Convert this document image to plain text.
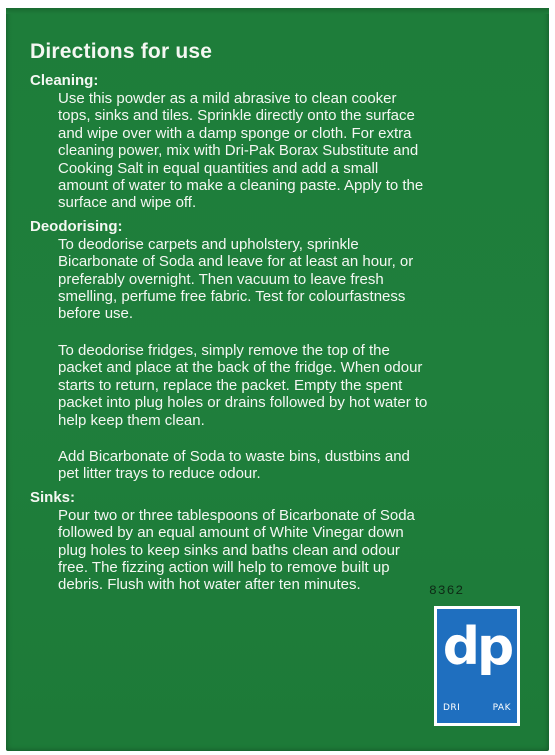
Directions for use
Cleaning:
Use this powder as a mild abrasive to clean cooker tops, sinks and tiles. Sprinkle directly onto the surface and wipe over with a damp sponge or cloth. For extra cleaning power, mix with Dri-Pak Borax Substitute and Cooking Salt in equal quantities and add a small amount of water to make a cleaning paste. Apply to the surface and wipe off.
Deodorising:
To deodorise carpets and upholstery, sprinkle Bicarbonate of Soda and leave for at least an hour, or preferably overnight. Then vacuum to leave fresh smelling, perfume free fabric. Test for colourfastness before use.
To deodorise fridges, simply remove the top of the packet and place at the back of the fridge. When odour starts to return, replace the packet. Empty the spent packet into plug holes or drains followed by hot water to help keep them clean.
Add Bicarbonate of Soda to waste bins, dustbins and pet litter trays to reduce odour.
Sinks:
Pour two or three tablespoons of Bicarbonate of Soda followed by an equal amount of White Vinegar down plug holes to keep sinks and baths clean and odour free. The fizzing action will help to remove built up debris. Flush with hot water after ten minutes.	8362
dp
DRI	PAK
